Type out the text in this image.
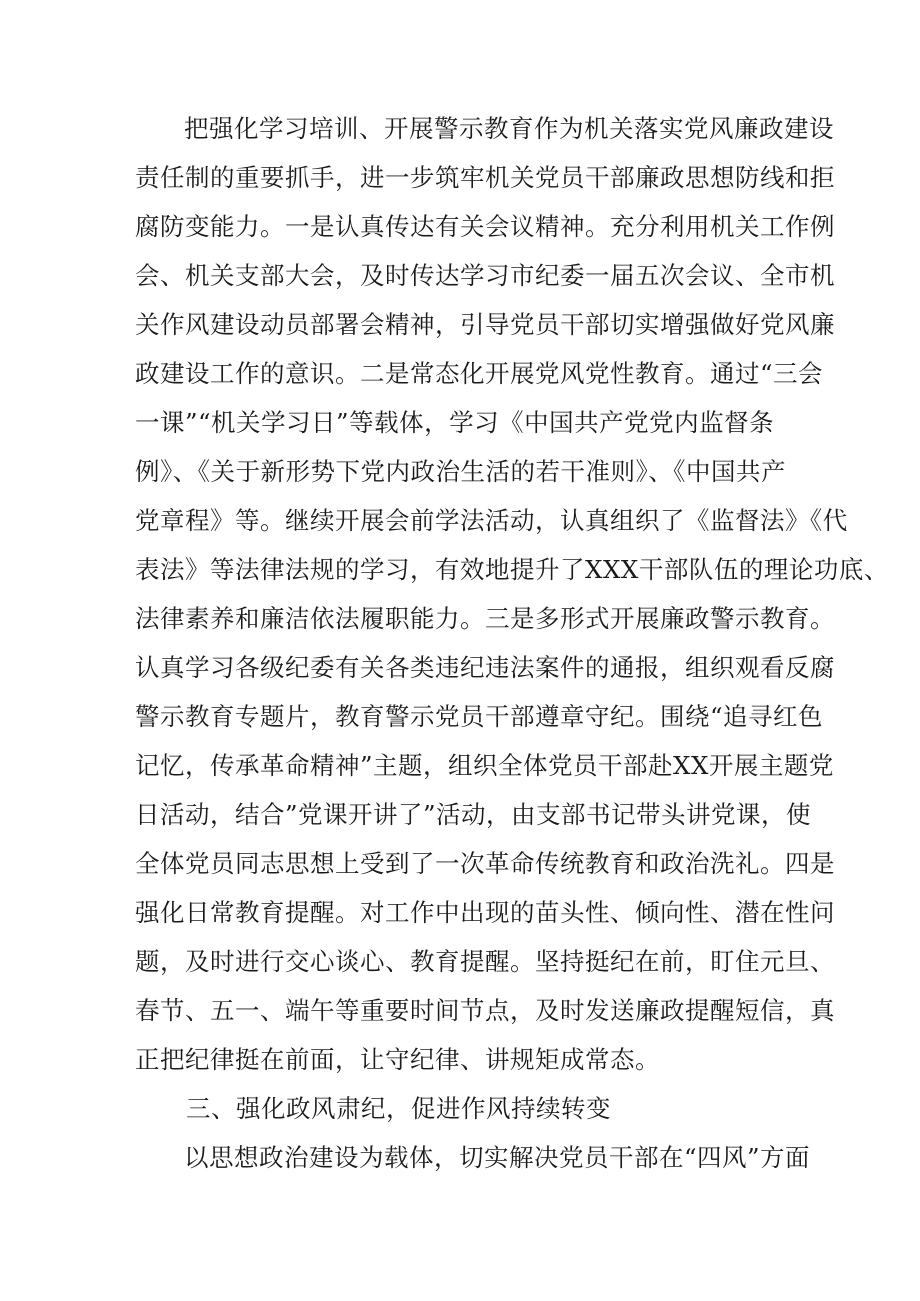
把强化学习培训、开展警示教育作为机关落实党风廉政建设

责任制的重要抓手，进一步筑牢机关党员干部廉政思想防线和拒

腐防变能力。一是认真传达有关会议精神。充分利用机关工作例

会、机关支部大会，及时传达学习市纪委一届五次会议、全市机

关作风建设动员部署会精神，引导党员干部切实增强做好党风廉

政建设工作的意识。二是常态化开展党风党性教育。通过“三会

一课”“机关学习日”等载体，学习《中国共产党党内监督条

例》、《关于新形势下党内政治生活的若干准则》、《中国共产

党章程》等。继续开展会前学法活动，认真组织了《监督法》《代

表法》等法律法规的学习，有效地提升了XXX干部队伍的理论功底、

法律素养和廉洁依法履职能力。三是多形式开展廉政警示教育。

认真学习各级纪委有关各类违纪违法案件的通报，组织观看反腐

警示教育专题片，教育警示党员干部遵章守纪。围绕“追寻红色

记忆，传承革命精神”主题，组织全体党员干部赴XX开展主题党

日活动，结合”党课开讲了”活动，由支部书记带头讲党课，使

全体党员同志思想上受到了一次革命传统教育和政治洗礼。四是

强化日常教育提醒。对工作中出现的苗头性、倾向性、潜在性问

题，及时进行交心谈心、教育提醒。坚持挺纪在前，盯住元旦、

春节、五一、端午等重要时间节点，及时发送廉政提醒短信，真

正把纪律挺在前面，让守纪律、讲规矩成常态。

三、强化政风肃纪，促进作风持续转变

以思想政治建设为载体，切实解决党员干部在“四风”方面
